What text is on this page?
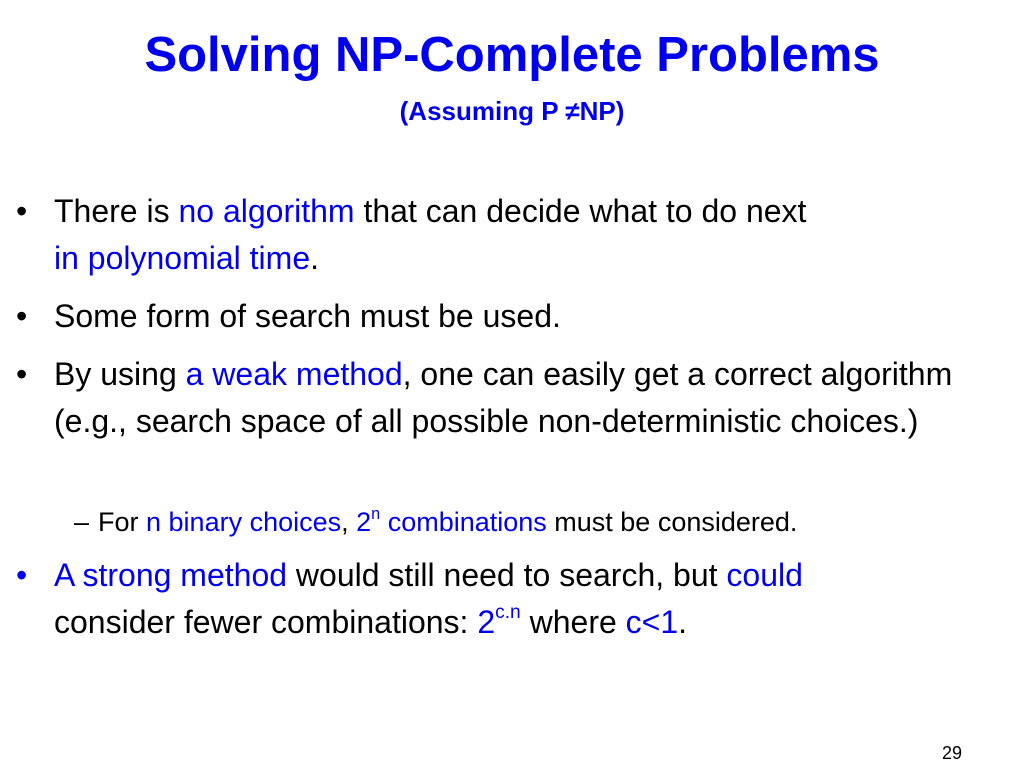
Solving NP-Complete Problems
(Assuming P ≠NP)
• There is no algorithm that can decide what to do next
in polynomial time.
• Some form of search must be used.
• By using a weak method, one can easily get a correct algorithm (e.g., search space of all possible non-deterministic choices.)
– For n binary choices, 2$^n$ combinations must be considered.
• A strong method would still need to search, but could
consider fewer combinations: $2^{c.n}$ where c<1.
29
